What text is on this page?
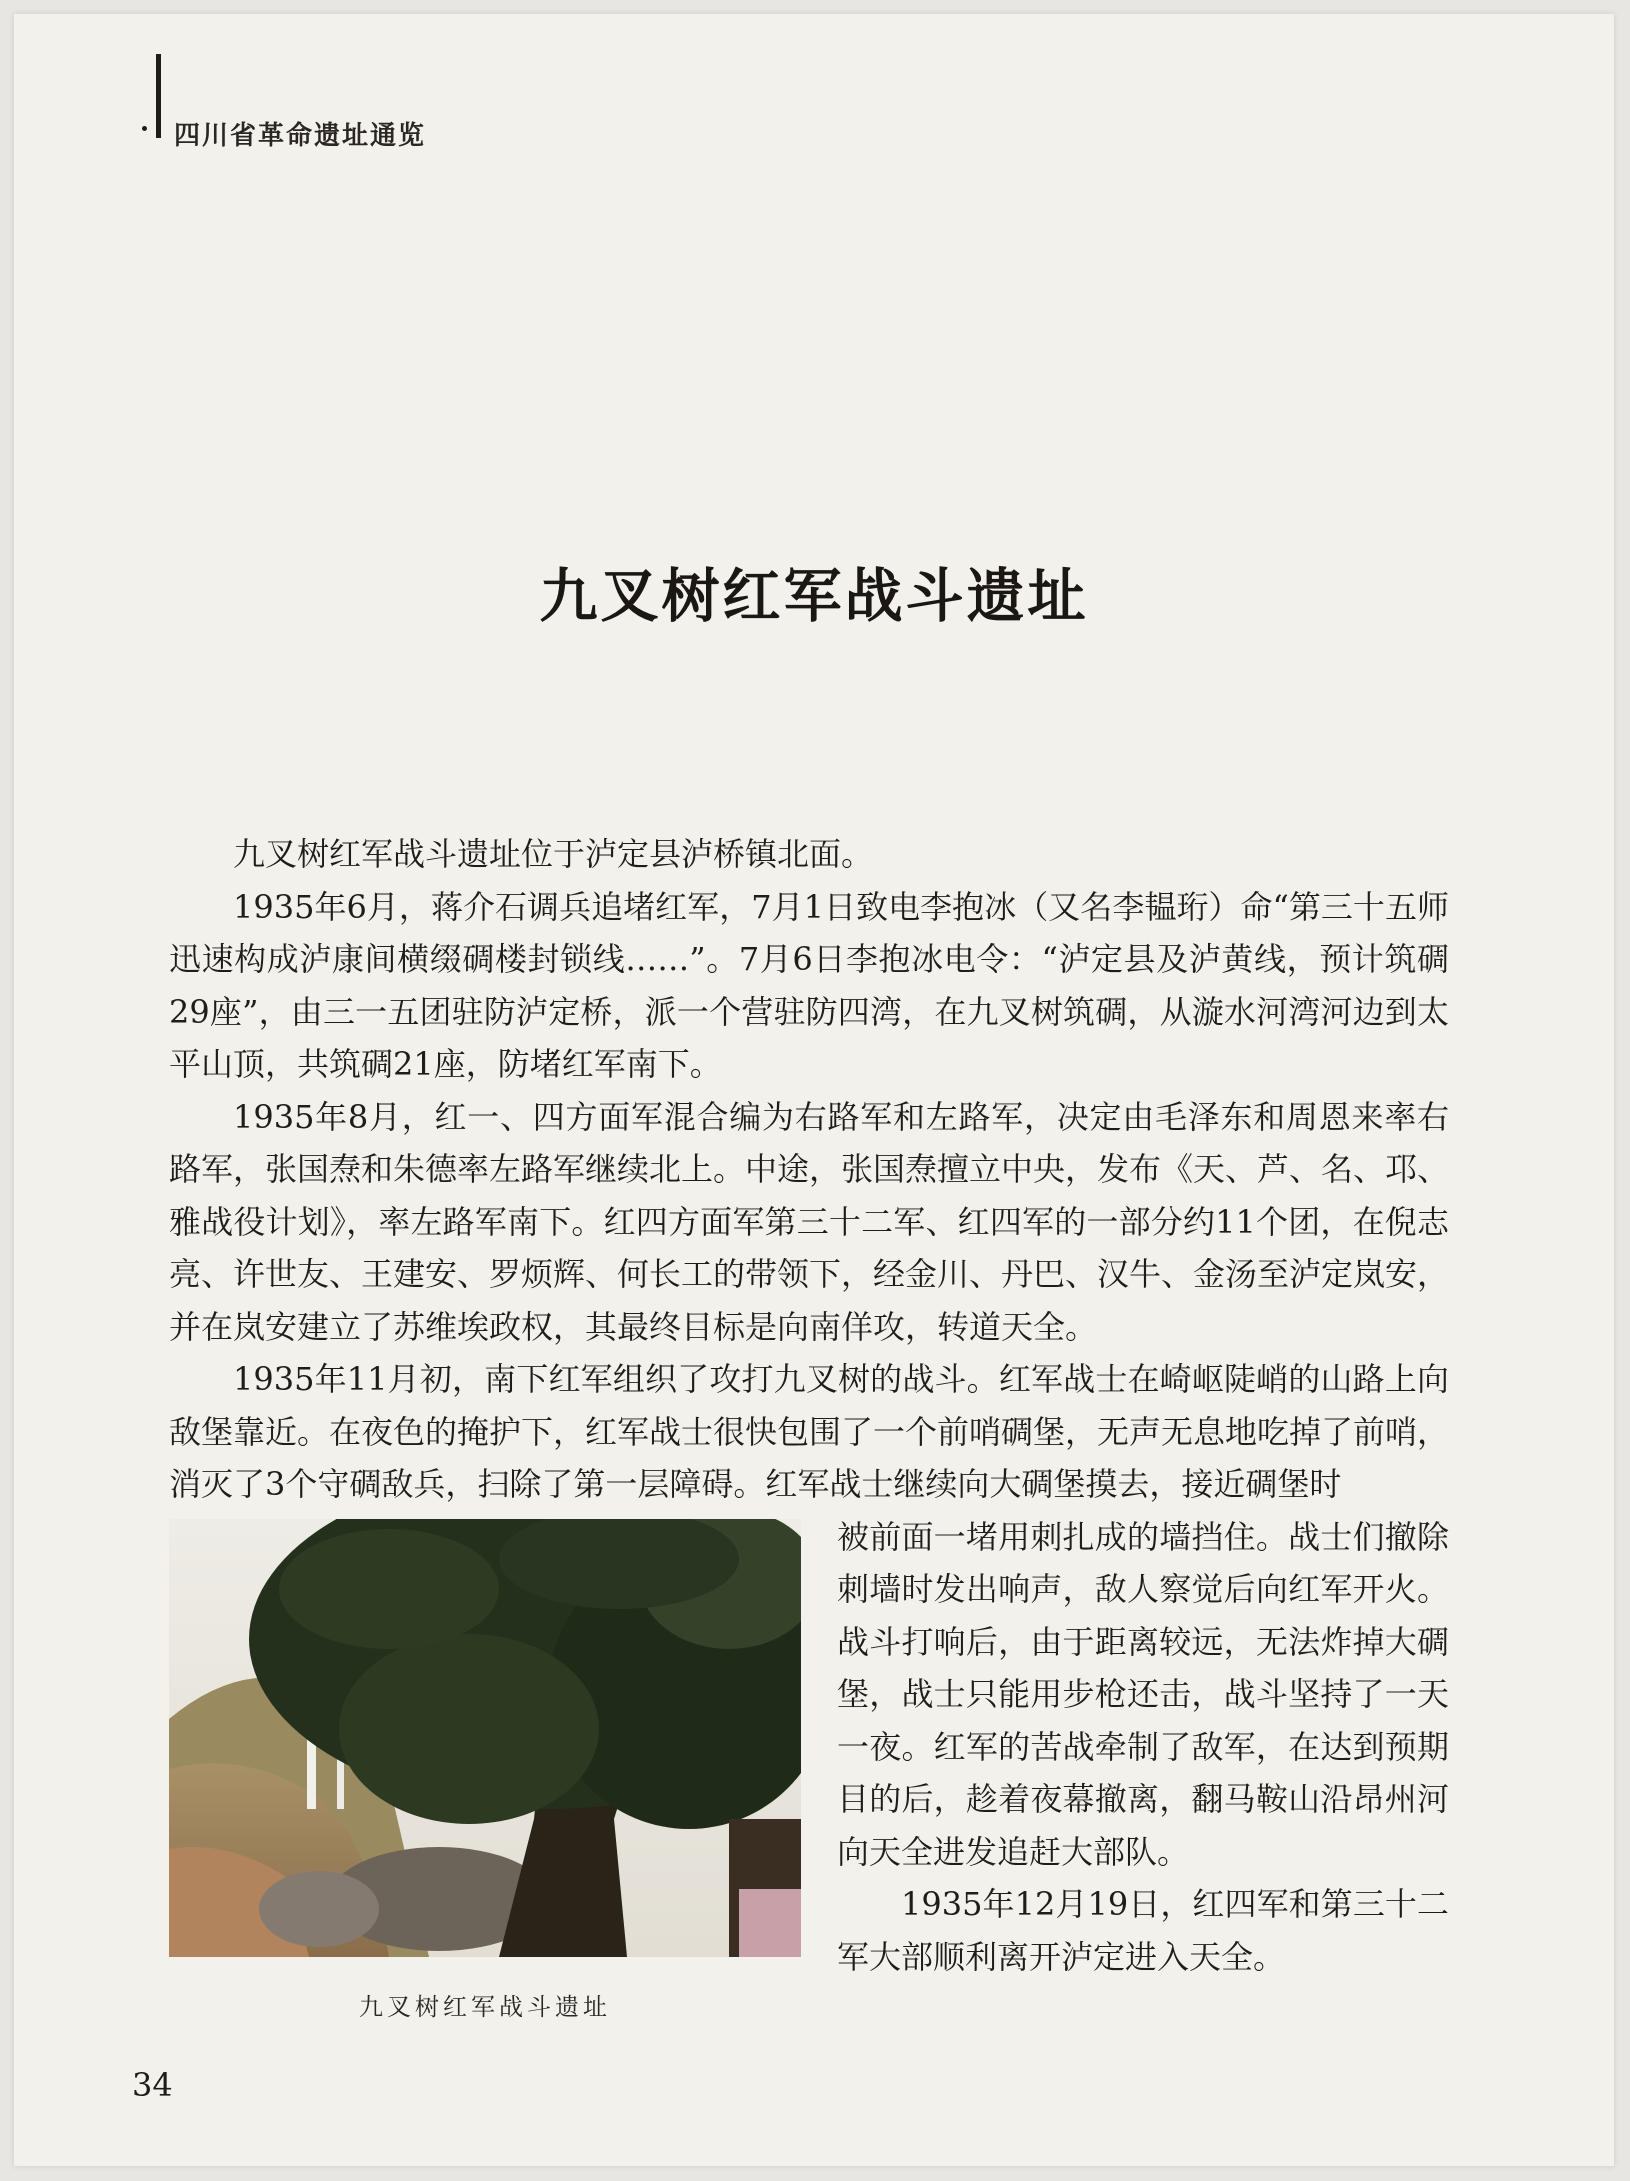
四川省革命遗址通览
九叉树红军战斗遗址

九叉树红军战斗遗址位于泸定县泸桥镇北面。

1935年6月，蒋介石调兵追堵红军，7月1日致电李抱冰（又名李韫珩）命“第三十五师迅速构成泸康间横缀碉楼封锁线……”。7月6日李抱冰电令：“泸定县及泸黄线，预计筑碉29座”，由三一五团驻防泸定桥，派一个营驻防四湾，在九叉树筑碉，从漩水河湾河边到太平山顶，共筑碉21座，防堵红军南下。

1935年8月，红一、四方面军混合编为右路军和左路军，决定由毛泽东和周恩来率右路军，张国焘和朱德率左路军继续北上。中途，张国焘擅立中央，发布《天、芦、名、邛、雅战役计划》，率左路军南下。红四方面军第三十二军、红四军的一部分约11个团，在倪志亮、许世友、王建安、罗烦辉、何长工的带领下，经金川、丹巴、汉牛、金汤至泸定岚安，并在岚安建立了苏维埃政权，其最终目标是向南佯攻，转道天全。

1935年11月初，南下红军组织了攻打九叉树的战斗。红军战士在崎岖陡峭的山路上向敌堡靠近。在夜色的掩护下，红军战士很快包围了一个前哨碉堡，无声无息地吃掉了前哨，消灭了3个守碉敌兵，扫除了第一层障碍。红军战士继续向大碉堡摸去，接近碉堡时

九叉树红军战斗遗址

被前面一堵用刺扎成的墙挡住。战士们撤除刺墙时发出响声，敌人察觉后向红军开火。战斗打响后，由于距离较远，无法炸掉大碉堡，战士只能用步枪还击，战斗坚持了一天一夜。红军的苦战牵制了敌军，在达到预期目的后，趁着夜幕撤离，翻马鞍山沿昂州河向天全进发追赶大部队。

1935年12月19日，红四军和第三十二军大部顺利离开泸定进入天全。

34
